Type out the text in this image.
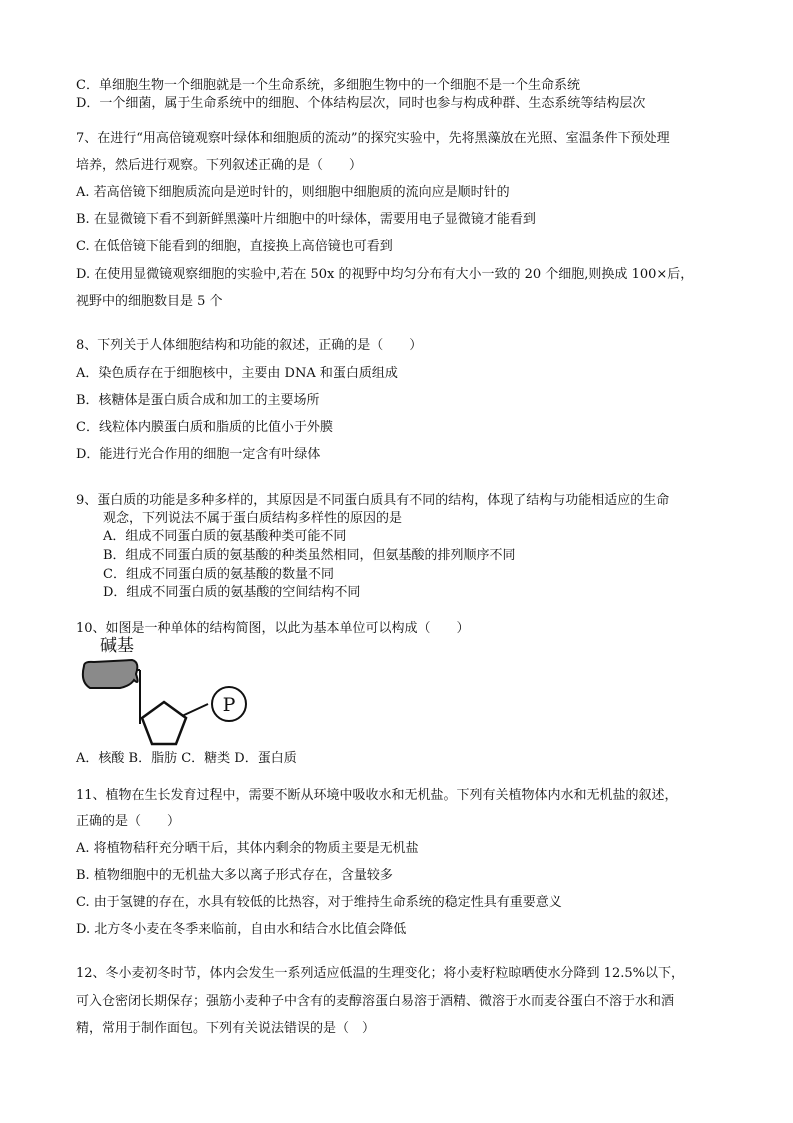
C．单细胞生物一个细胞就是一个生命系统，多细胞生物中的一个细胞不是一个生命系统
D．一个细菌，属于生命系统中的细胞、个体结构层次，同时也参与构成种群、生态系统等结构层次
7、在进行“用高倍镜观察叶绿体和细胞质的流动”的探究实验中，先将黑藻放在光照、室温条件下预处理
培养，然后进行观察。下列叙述正确的是（　　）
A. 若高倍镜下细胞质流向是逆时针的，则细胞中细胞质的流向应是顺时针的
B. 在显微镜下看不到新鲜黑藻叶片细胞中的叶绿体，需要用电子显微镜才能看到
C. 在低倍镜下能看到的细胞，直接换上高倍镜也可看到
D. 在使用显微镜观察细胞的实验中,若在 50x 的视野中均匀分布有大小一致的 20 个细胞,则换成 100×后，
视野中的细胞数目是 5 个
8、下列关于人体细胞结构和功能的叙述，正确的是（　　）
A．染色质存在于细胞核中，主要由 DNA 和蛋白质组成
B．核糖体是蛋白质合成和加工的主要场所
C．线粒体内膜蛋白质和脂质的比值小于外膜
D．能进行光合作用的细胞一定含有叶绿体
9、蛋白质的功能是多种多样的，其原因是不同蛋白质具有不同的结构，体现了结构与功能相适应的生命
观念，下列说法不属于蛋白质结构多样性的原因的是
A．组成不同蛋白质的氨基酸种类可能不同
B．组成不同蛋白质的氨基酸的种类虽然相同，但氨基酸的排列顺序不同
C．组成不同蛋白质的氨基酸的数量不同
D．组成不同蛋白质的氨基酸的空间结构不同
10、如图是一种单体的结构简图，以此为基本单位可以构成（　　）
碱基
P
A．核酸 B．脂肪 C．糖类 D．蛋白质
11、植物在生长发育过程中，需要不断从环境中吸收水和无机盐。下列有关植物体内水和无机盐的叙述，
正确的是（　　）
A. 将植物秸秆充分晒干后，其体内剩余的物质主要是无机盐
B. 植物细胞中的无机盐大多以离子形式存在，含量较多
C. 由于氢键的存在，水具有较低的比热容，对于维持生命系统的稳定性具有重要意义
D. 北方冬小麦在冬季来临前，自由水和结合水比值会降低
12、冬小麦初冬时节，体内会发生一系列适应低温的生理变化；将小麦籽粒晾晒使水分降到 12.5%以下，
可入仓密闭长期保存；强筋小麦种子中含有的麦醇溶蛋白易溶于酒精、微溶于水而麦谷蛋白不溶于水和酒
精，常用于制作面包。下列有关说法错误的是（　）
